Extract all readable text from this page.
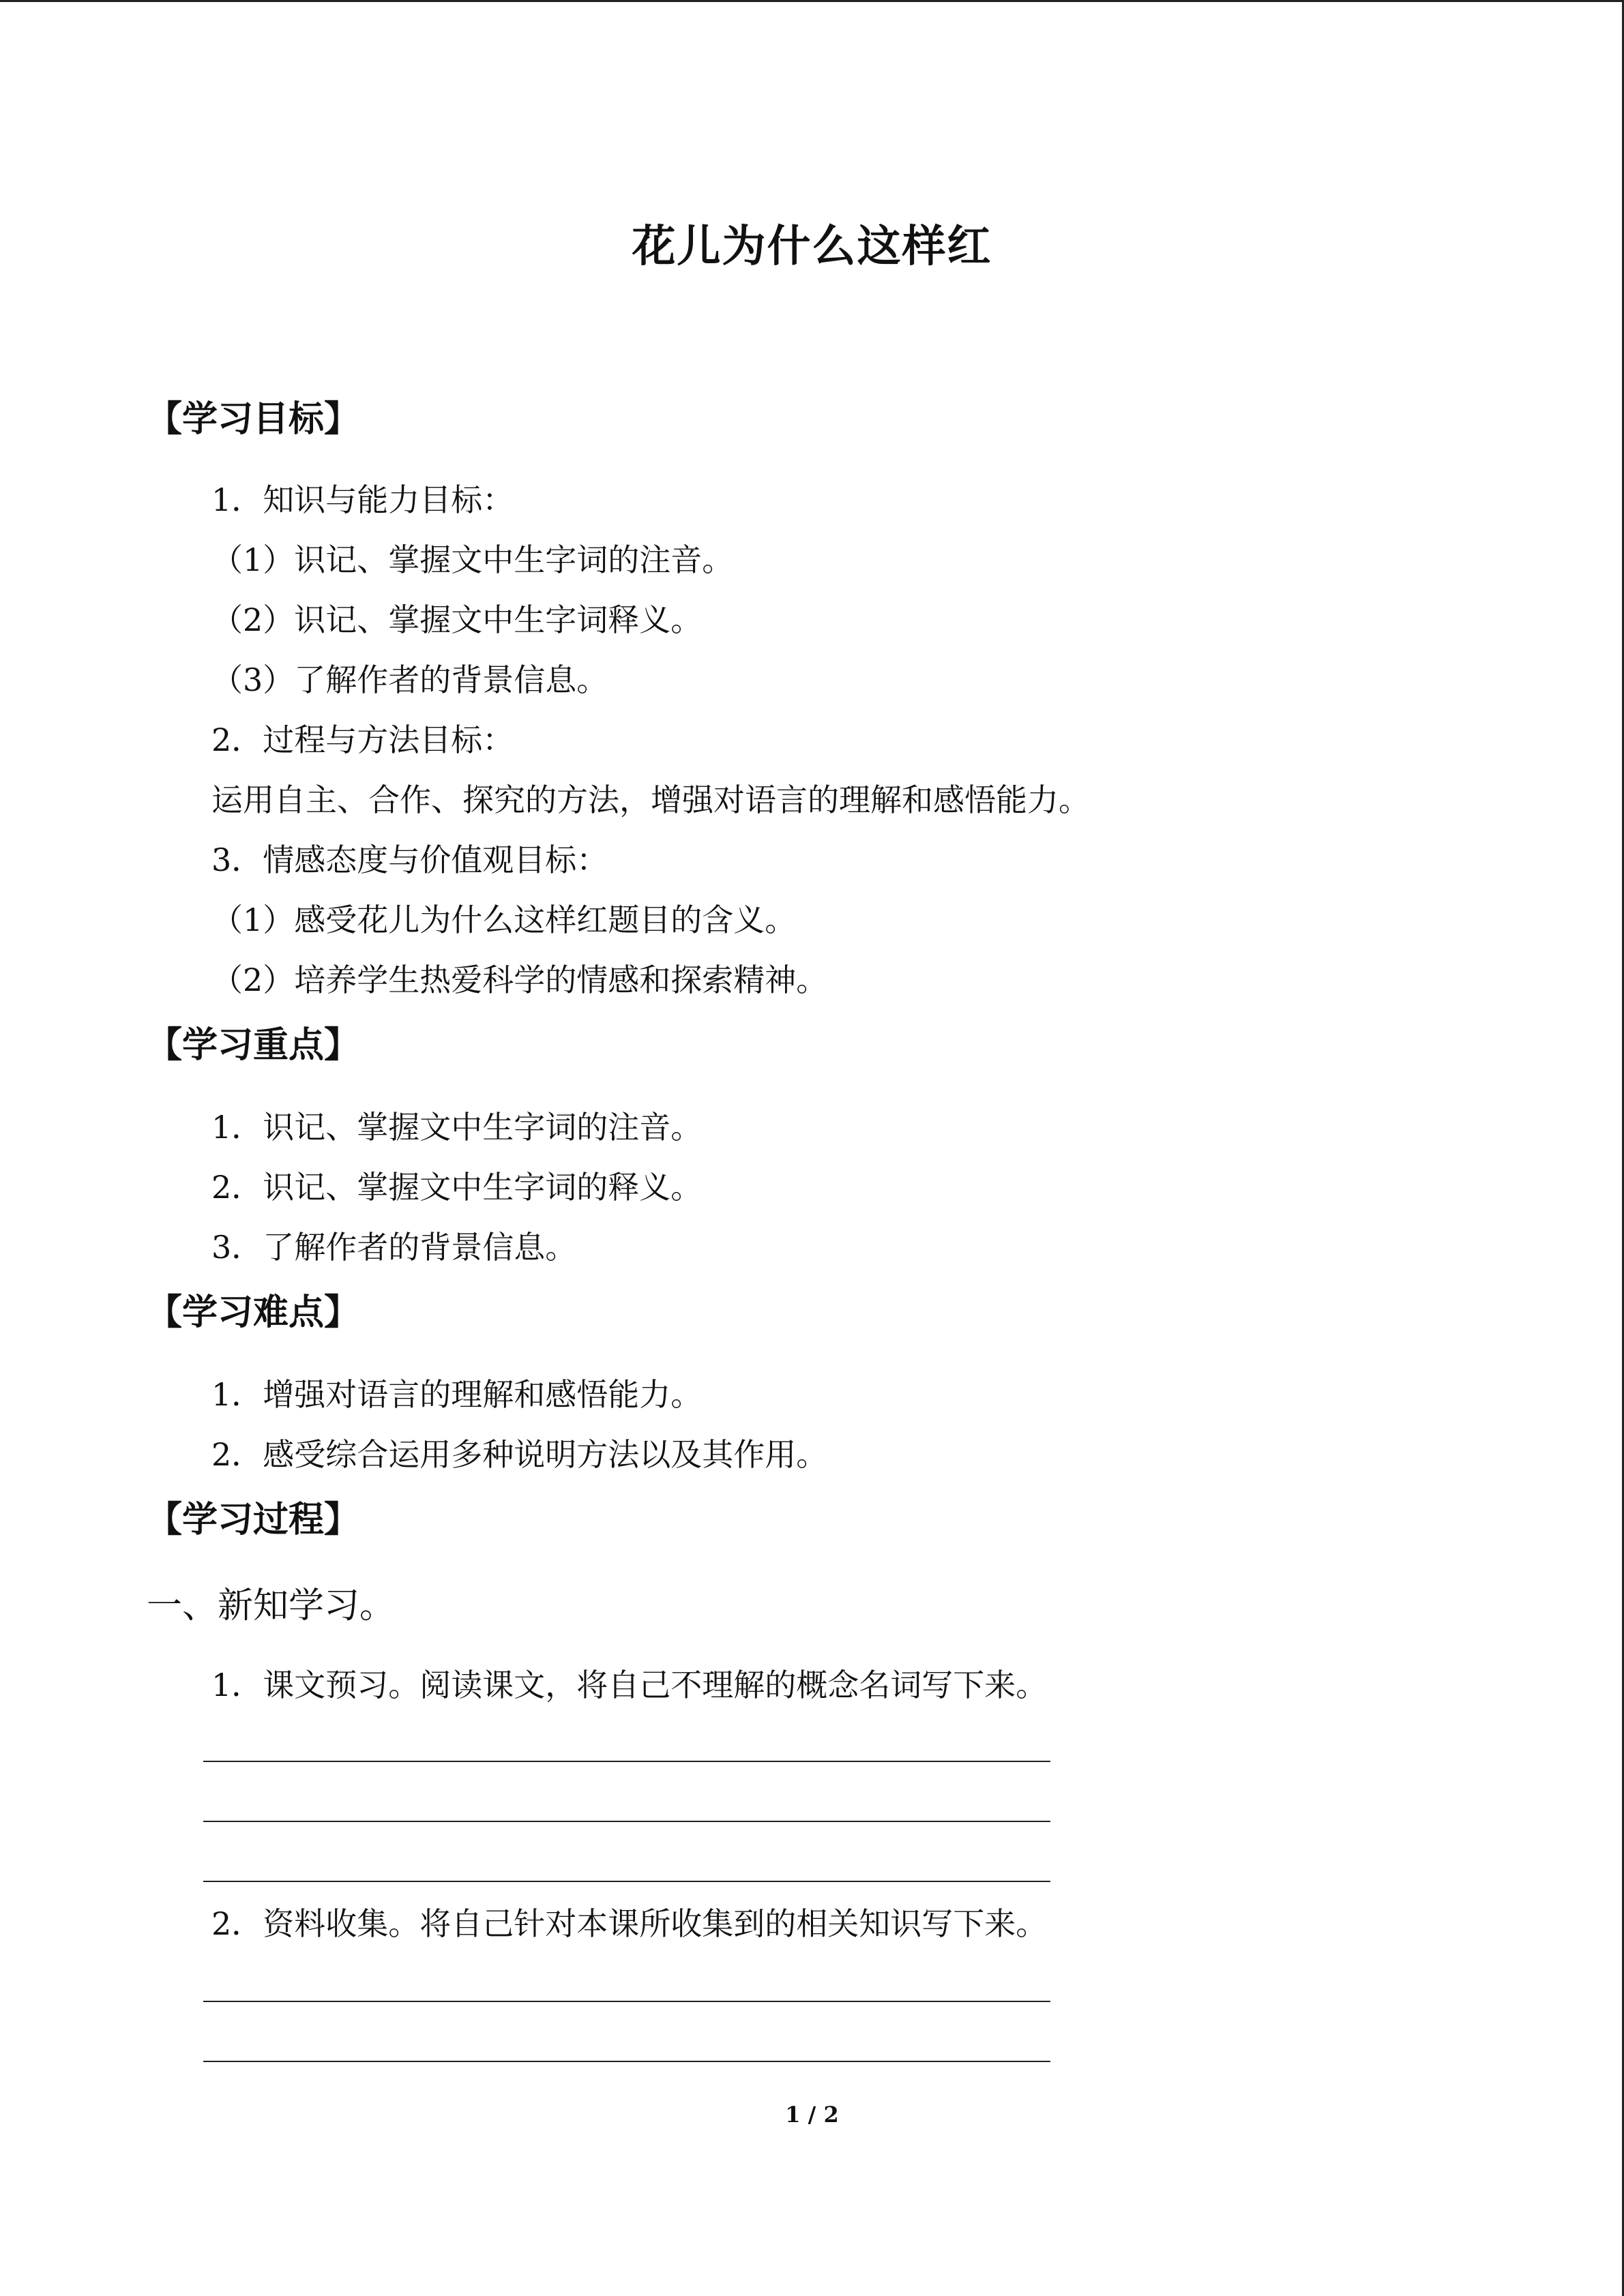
花儿为什么这样红
【学习目标】
1．知识与能力目标：
（1）识记、掌握文中生字词的注音。
（2）识记、掌握文中生字词释义。
（3）了解作者的背景信息。
2．过程与方法目标：
运用自主、合作、探究的方法，增强对语言的理解和感悟能力。
3．情感态度与价值观目标：
（1）感受花儿为什么这样红题目的含义。
（2）培养学生热爱科学的情感和探索精神。
【学习重点】
1．识记、掌握文中生字词的注音。
2．识记、掌握文中生字词的释义。
3．了解作者的背景信息。
【学习难点】
1．增强对语言的理解和感悟能力。
2．感受综合运用多种说明方法以及其作用。
【学习过程】
一、新知学习。
1．课文预习。阅读课文，将自己不理解的概念名词写下来。
2．资料收集。将自己针对本课所收集到的相关知识写下来。
1 / 2
